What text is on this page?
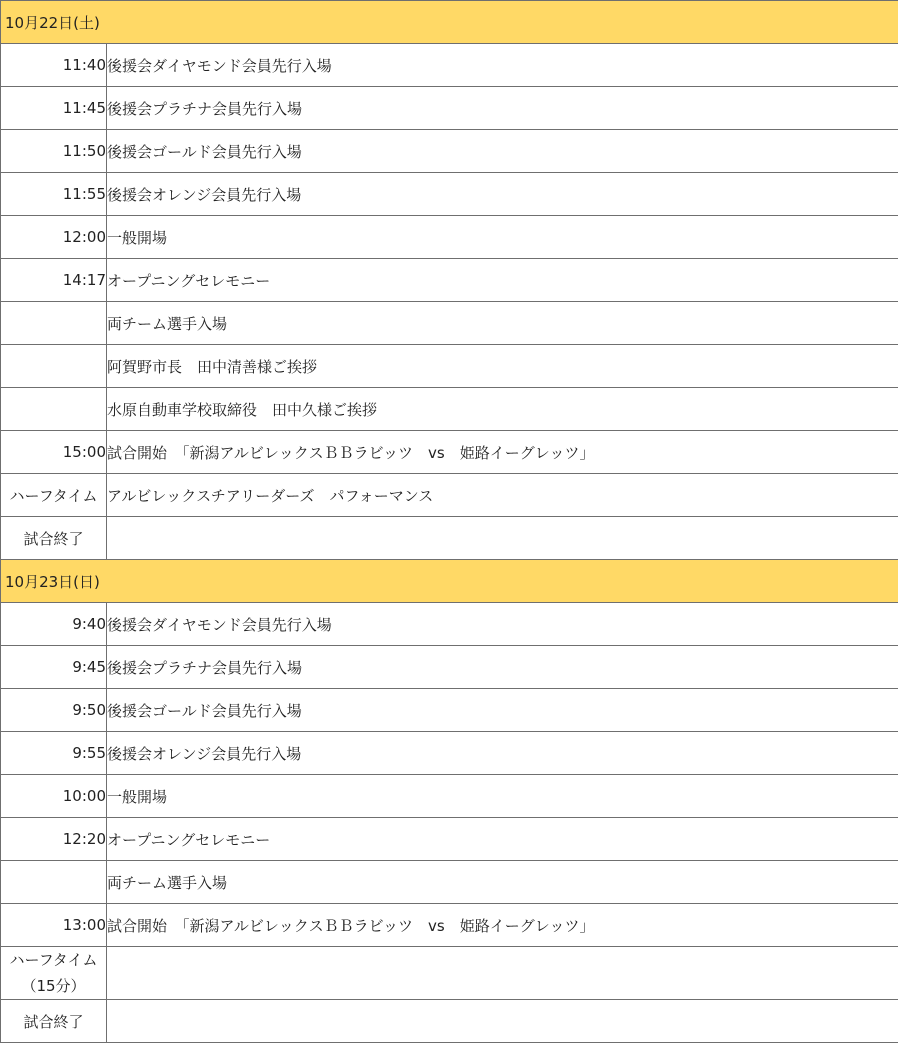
10月22日(土)	
11:40	後援会ダイヤモンド会員先行入場
11:45	後援会プラチナ会員先行入場
11:50	後援会ゴールド会員先行入場
11:55	後援会オレンジ会員先行入場
12:00	一般開場
14:17	オープニングセレモニー
	両チーム選手入場
	阿賀野市長　田中清善様ご挨拶
	水原自動車学校取締役　田中久様ご挨拶
15:00	試合開始　「新潟アルビレックスＢＢラビッツ　vs　姫路イーグレッツ」
ハーフタイム	アルビレックスチアリーダーズ　パフォーマンス
試合終了	
10月23日(日)	
9:40	後援会ダイヤモンド会員先行入場
9:45	後援会プラチナ会員先行入場
9:50	後援会ゴールド会員先行入場
9:55	後援会オレンジ会員先行入場
10:00	一般開場
12:20	オープニングセレモニー
	両チーム選手入場
13:00	試合開始　「新潟アルビレックスＢＢラビッツ　vs　姫路イーグレッツ」
ハーフタイム（15分）	
試合終了	
